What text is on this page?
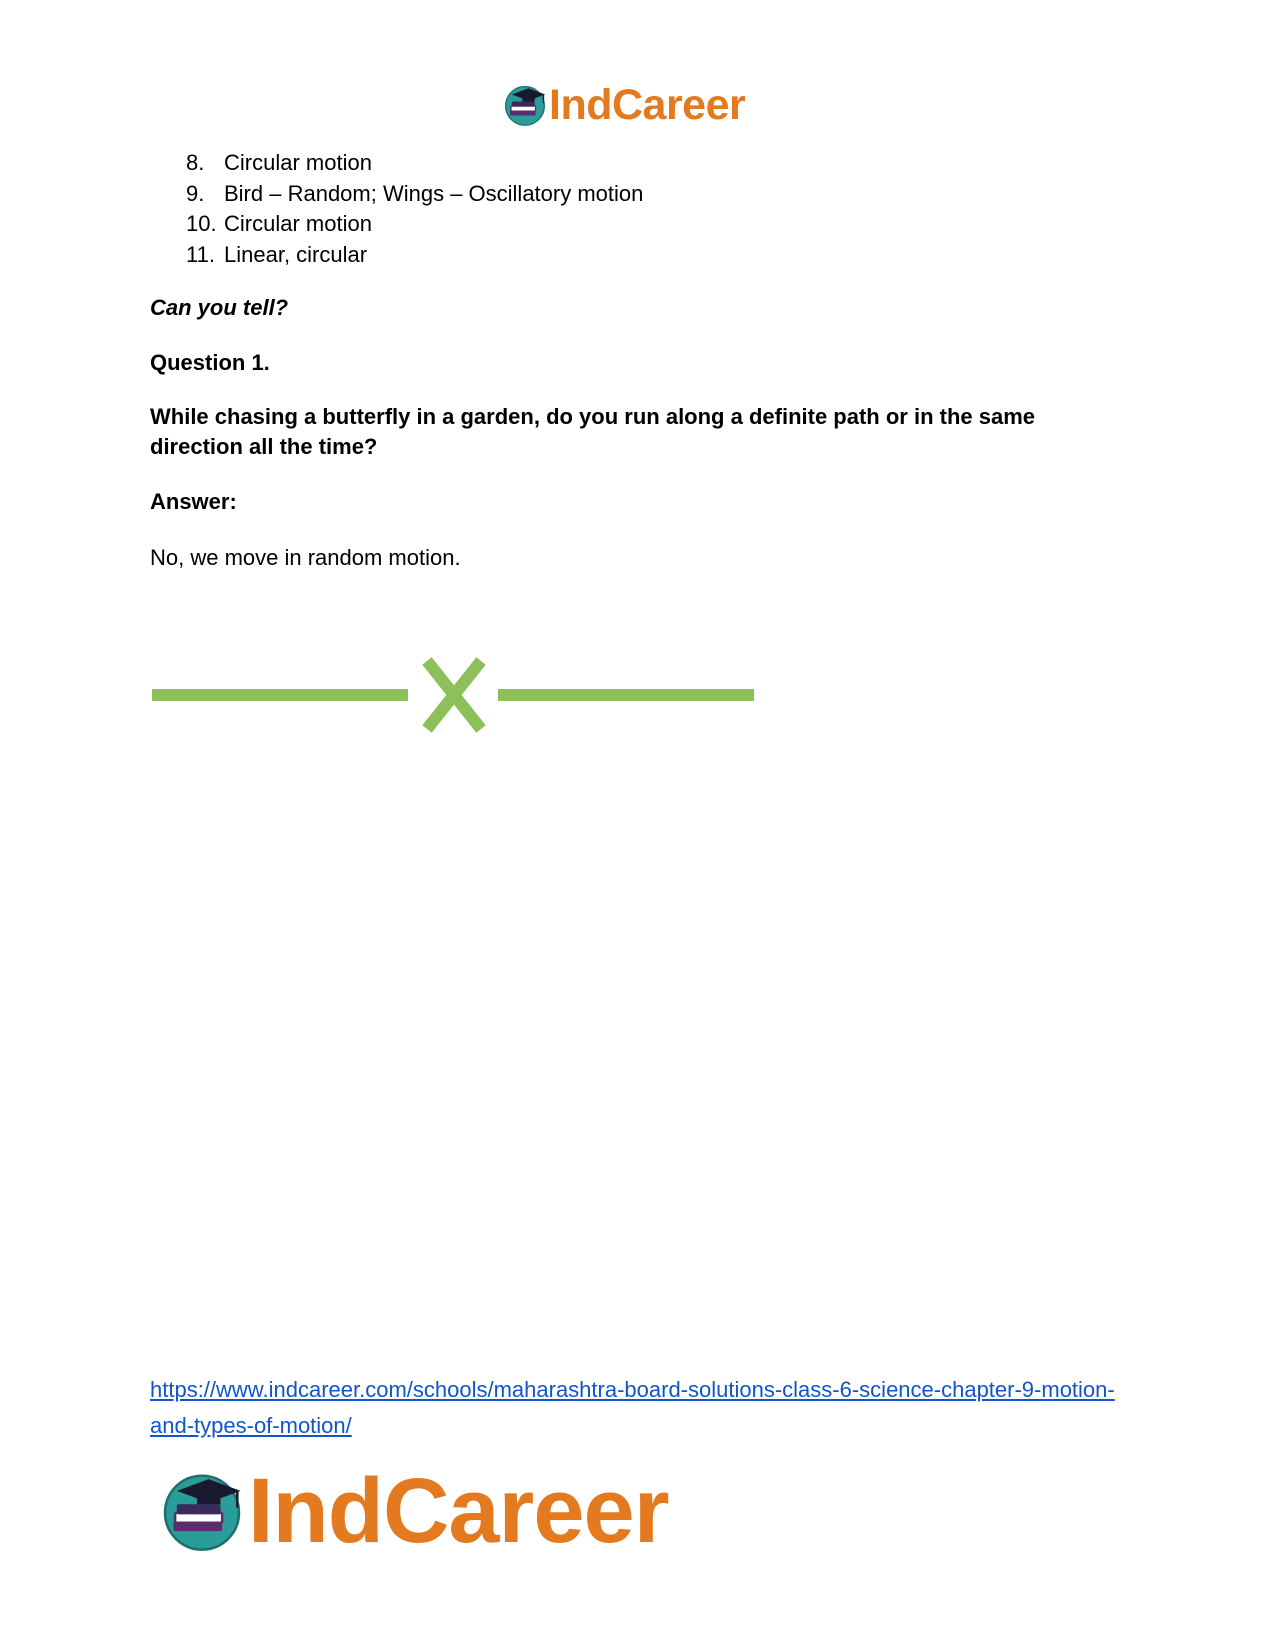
IndCareer
8. Circular motion
9. Bird – Random; Wings – Oscillatory motion
10. Circular motion
11. Linear, circular

Can you tell?

Question 1.

While chasing a butterfly in a garden, do you run along a definite path or in the same direction all the time?

Answer:

No, we move in random motion.

https://www.indcareer.com/schools/maharashtra-board-solutions-class-6-science-chapter-9-motion-and-types-of-motion/
IndCareer
